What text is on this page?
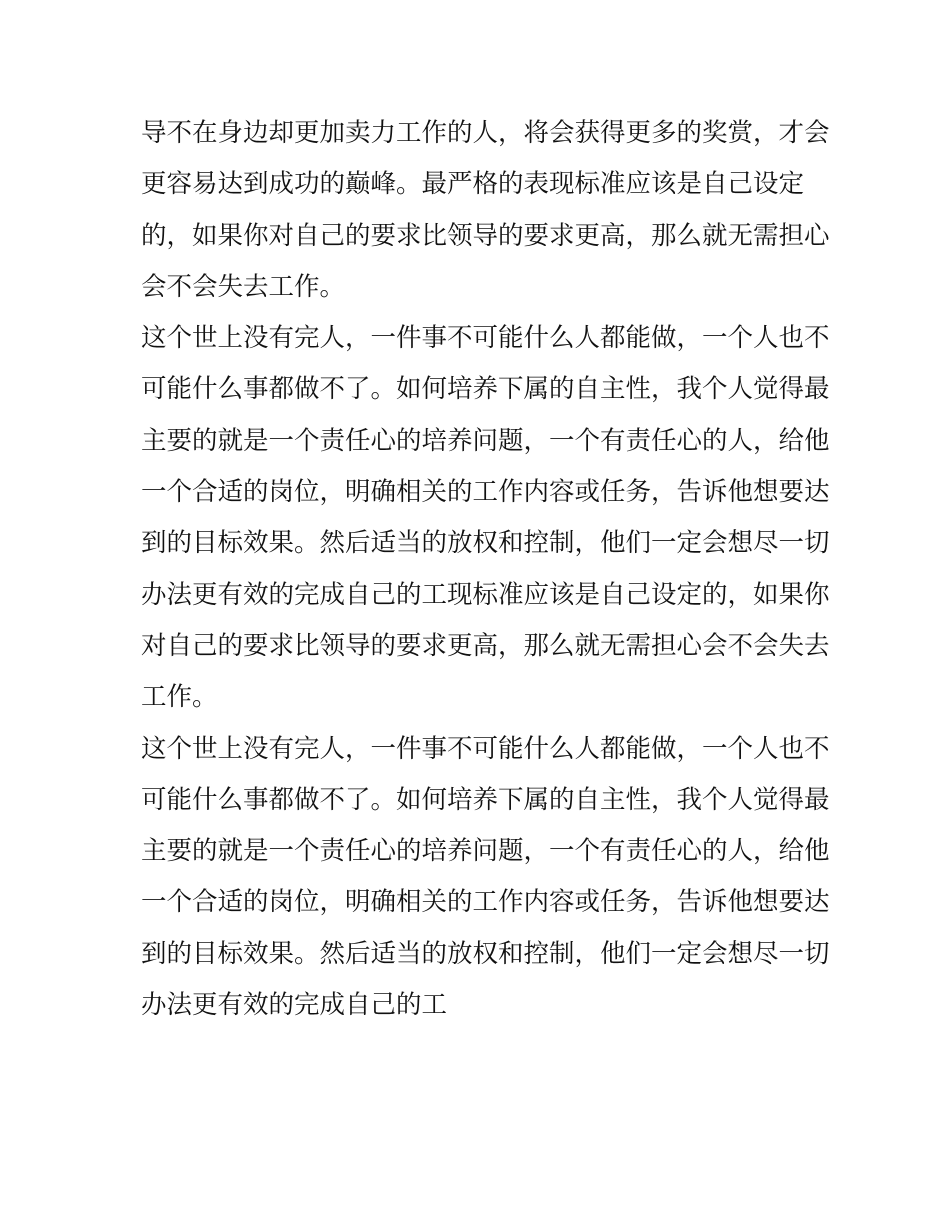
导不在身边却更加卖力工作的人，将会获得更多的奖赏，才会
更容易达到成功的巅峰。最严格的表现标准应该是自己设定
的，如果你对自己的要求比领导的要求更高，那么就无需担心
会不会失去工作。
这个世上没有完人，一件事不可能什么人都能做，一个人也不
可能什么事都做不了。如何培养下属的自主性，我个人觉得最
主要的就是一个责任心的培养问题，一个有责任心的人，给他
一个合适的岗位，明确相关的工作内容或任务，告诉他想要达
到的目标效果。然后适当的放权和控制，他们一定会想尽一切
办法更有效的完成自己的工现标准应该是自己设定的，如果你
对自己的要求比领导的要求更高，那么就无需担心会不会失去
工作。
这个世上没有完人，一件事不可能什么人都能做，一个人也不
可能什么事都做不了。如何培养下属的自主性，我个人觉得最
主要的就是一个责任心的培养问题，一个有责任心的人，给他
一个合适的岗位，明确相关的工作内容或任务，告诉他想要达
到的目标效果。然后适当的放权和控制，他们一定会想尽一切
办法更有效的完成自己的工
